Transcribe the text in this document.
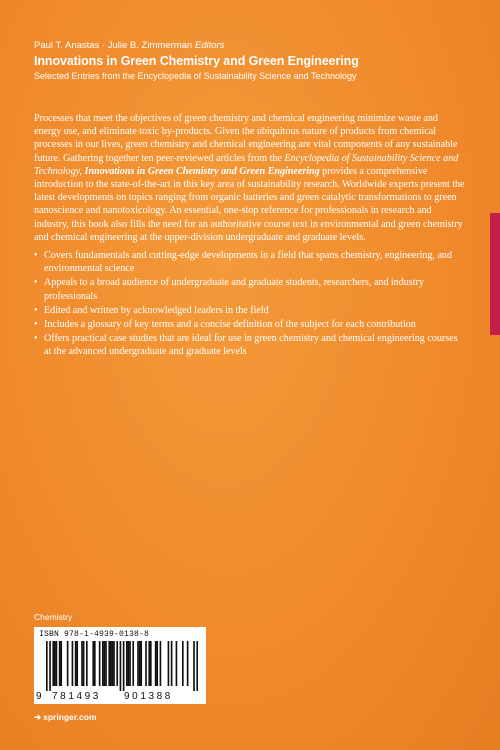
Paul T. Anastas · Julie B. Zimmerman Editors
Innovations in Green Chemistry and Green Engineering
Selected Entries from the Encyclopedia of Sustainability Science and Technology

Processes that meet the objectives of green chemistry and chemical engineering minimize waste and energy use, and eliminate toxic by-products. Given the ubiquitous nature of products from chemical processes in our lives, green chemistry and chemical engineering are vital components of any sustainable future. Gathering together ten peer-reviewed articles from the Encyclopedia of Sustainability Science and Technology, Innovations in Green Chemistry and Green Engineering provides a comprehensive introduction to the state-of-the-art in this key area of sustainability research. Worldwide experts present the latest developments on topics ranging from organic batteries and green catalytic transformations to green nanoscience and nanotoxicology. An essential, one-stop reference for professionals in research and industry, this book also fills the need for an authoritative course text in environmental and green chemistry and chemical engineering at the upper-division undergraduate and graduate levels.

• Covers fundamentals and cutting-edge developments in a field that spans chemistry, engineering, and environmental science
• Appeals to a broad audience of undergraduate and graduate students, researchers, and industry professionals
• Edited and written by acknowledged leaders in the field
• Includes a glossary of key terms and a concise definition of the subject for each contribution
• Offers practical case studies that are ideal for use in green chemistry and chemical engineering courses at the advanced undergraduate and graduate levels
Chemistry
ISBN 978-1-4939-0138-8
9 781493 901388
➜ springer.com
